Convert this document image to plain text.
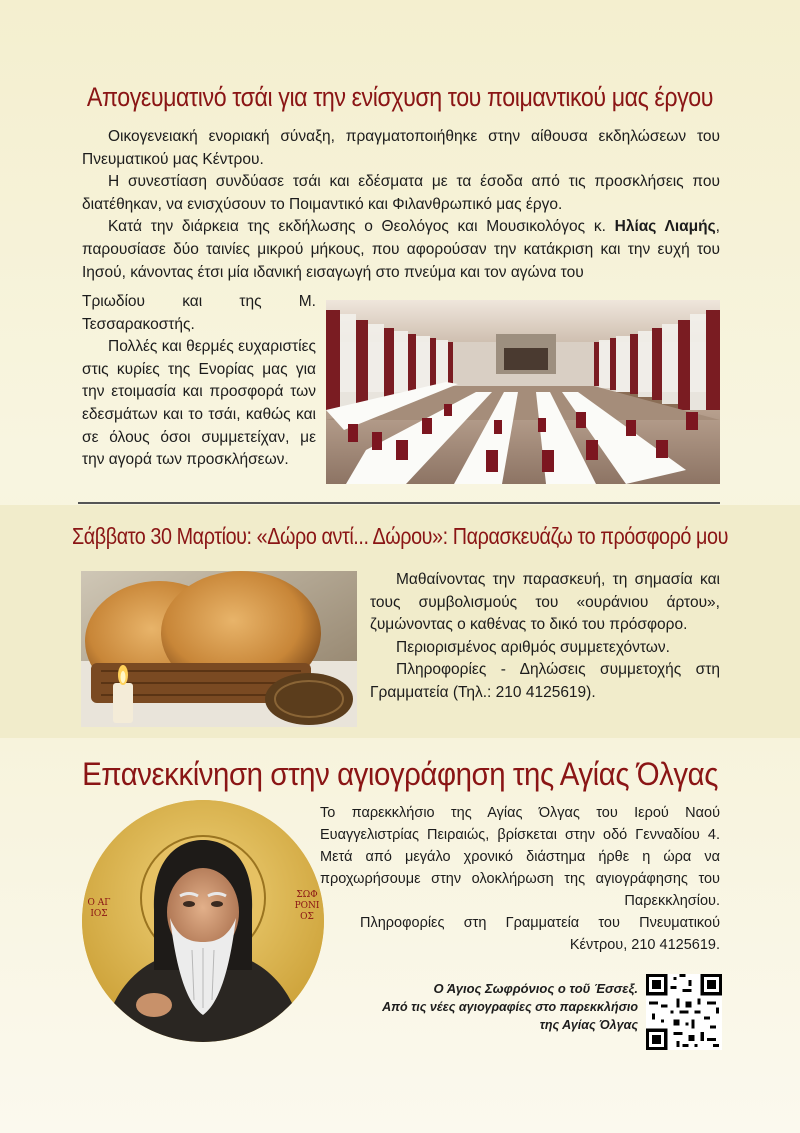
Απογευματινό τσάι για την ενίσχυση του ποιμαντικού μας έργου

Οικογενειακή ενοριακή σύναξη, πραγματοποιήθηκε στην αίθουσα εκδηλώσεων του Πνευματικού μας Κέντρου.

Η συνεστίαση συνδύασε τσάι και εδέσματα με τα έσοδα από τις προσκλήσεις που διατέθηκαν, να ενισχύσουν το Ποιμαντικό και Φιλανθρωπικό μας έργο.

Κατά την διάρκεια της εκδήλωσης ο Θεολόγος και Μουσικολόγος κ. Ηλίας Λιαμής, παρουσίασε δύο ταινίες μικρού μήκους, που αφορούσαν την κατάκριση και την ευχή του Ιησού, κάνοντας έτσι μία ιδανική εισαγωγή στο πνεύμα και τον αγώνα του

Τριωδίου και της Μ. Τεσσαρακοστής.

Πολλές και θερμές ευχαριστίες στις κυρίες της Ενορίας μας για την ετοιμασία και προσφορά των εδεσμάτων και το τσάι, καθώς και σε όλους όσοι συμμετείχαν, με την αγορά των προσκλήσεων.

Σάββατο 30 Μαρτίου: «Δώρο αντί... Δώρου»: Παρασκευάζω το πρόσφορό μου

Μαθαίνοντας την παρασκευή, τη σημασία και τους συμβολισμούς του «ουράνιου άρτου», ζυμώνοντας ο καθένας το δικό του πρόσφορο.

Περιορισμένος αριθμός συμμετεχόντων.

Πληροφορίες - Δηλώσεις συμμετοχής στη Γραμματεία (Τηλ.: 210 4125619).

Επανεκκίνηση στην αγιογράφηση της Αγίας Όλγας
Ο ΑΓΙΟΣ
ΣΩΦΡΟΝΙΟΣ

Το παρεκκλήσιο της Αγίας Όλγας του Ιερού Ναού Ευαγγελιστρίας Πειραιώς, βρίσκεται στην οδό Γενναδίου 4. Μετά από μεγάλο χρονικό διάστημα ήρθε η ώρα να προχωρήσουμε στην ολοκλήρωση της αγιογράφησης του Παρεκκλησίου.

Πληροφορίες στη Γραμματεία του Πνευματικού Κέντρου, 210 4125619.

Ο Άγιος Σωφρόνιος ο τοῦ Έσσεξ.
Από τις νέες αγιογραφίες στο παρεκκλήσιο
της Αγίας Όλγας
